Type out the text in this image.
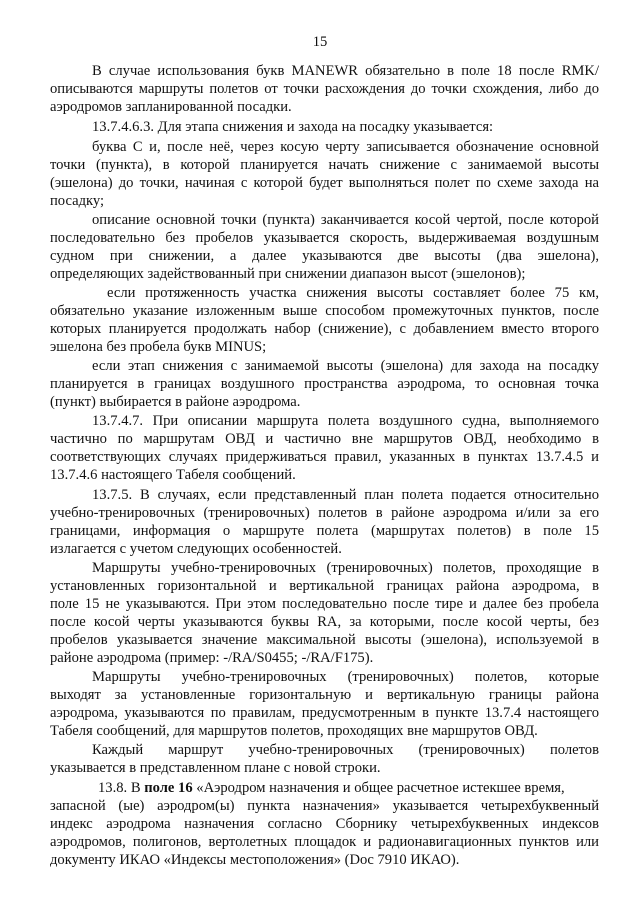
15
В случае использования букв MANEWR обязательно в поле 18 после RMK/
описываются маршруты полетов от точки расхождения до точки схождения, либо до
аэродромов запланированной посадки.
13.7.4.6.3. Для этапа снижения и захода на посадку указывается:
буква С и, после неё, через косую черту записывается обозначение основной
точки (пункта), в которой планируется начать снижение с занимаемой высоты
(эшелона) до точки, начиная с которой будет выполняться полет по схеме захода на
посадку;
описание основной точки (пункта) заканчивается косой чертой, после которой
последовательно без пробелов указывается скорость, выдерживаемая воздушным
судном при снижении, а далее указываются две высоты (два эшелона),
определяющих задействованный при снижении диапазон высот (эшелонов);
если протяженность участка снижения высоты составляет более 75 км,
обязательно указание изложенным выше способом промежуточных пунктов, после
которых планируется продолжать набор (снижение), с добавлением вместо второго
эшелона без пробела букв MINUS;
если этап снижения с занимаемой высоты (эшелона) для захода на посадку
планируется в границах воздушного пространства аэродрома, то основная точка
(пункт) выбирается в районе аэродрома.
13.7.4.7. При описании маршрута полета воздушного судна, выполняемого
частично по маршрутам ОВД и частично вне маршрутов ОВД, необходимо в
соответствующих случаях придерживаться правил, указанных в пунктах 13.7.4.5 и
13.7.4.6 настоящего Табеля сообщений.
13.7.5. В случаях, если представленный план полета подается относительно
учебно-тренировочных (тренировочных) полетов в районе аэродрома и/или за его
границами, информация о маршруте полета (маршрутах полетов) в поле 15
излагается с учетом следующих особенностей.
Маршруты учебно-тренировочных (тренировочных) полетов, проходящие в
установленных горизонтальной и вертикальной границах района аэродрома, в
поле 15 не указываются. При этом последовательно после тире и далее без пробела
после косой черты указываются буквы RA, за которыми, после косой черты, без
пробелов указывается значение максимальной высоты (эшелона), используемой в
районе аэродрома (пример: -/RA/S0455; -/RA/F175).
Маршруты учебно-тренировочных (тренировочных) полетов, которые
выходят за установленные горизонтальную и вертикальную границы района
аэродрома, указываются по правилам, предусмотренным в пункте 13.7.4 настоящего
Табеля сообщений, для маршрутов полетов, проходящих вне маршрутов ОВД.
Каждый маршрут учебно-тренировочных (тренировочных) полетов
указывается в представленном плане с новой строки.
13.8. В поле 16 «Аэродром назначения и общее расчетное истекшее время,
запасной (ые) аэродром(ы) пункта назначения» указывается четырехбуквенный
индекс аэродрома назначения согласно Сборнику четырехбуквенных индексов
аэродромов, полигонов, вертолетных площадок и радионавигационных пунктов или
документу ИКАО «Индексы местоположения» (Doc 7910 ИКАО).
